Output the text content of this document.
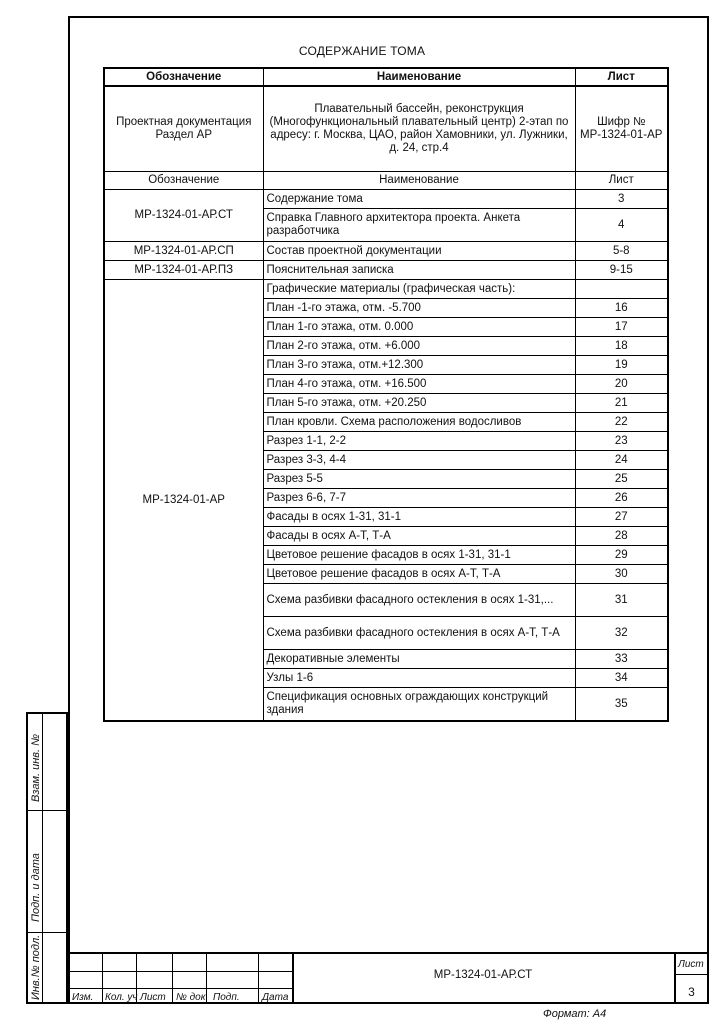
СОДЕРЖАНИЕ ТОМА
Обозначение	Наименование	Лист
Проектная документация Раздел АР	Плавательный бассейн, реконструкция (Многофункциональный плавательный центр) 2-этап по адресу: г. Москва, ЦАО, район Хамовники, ул. Лужники, д. 24, стр.4	Шифр № МР-1324-01-АР
Обозначение	Наименование	Лист
МР-1324-01-АР.СТ	Содержание тома	3
	Справка Главного архитектора проекта. Анкета разработчика	4
МР-1324-01-АР.СП	Состав проектной документации	5-8
МР-1324-01-АР.ПЗ	Пояснительная записка	9-15
МР-1324-01-АР	Графические материалы (графическая часть):	
	План -1-го этажа, отм. -5.700	16
	План 1-го этажа, отм. 0.000	17
	План 2-го этажа, отм. +6.000	18
	План 3-го этажа, отм.+12.300	19
	План 4-го этажа, отм. +16.500	20
	План 5-го этажа, отм. +20.250	21
	План кровли. Схема расположения водосливов	22
	Разрез 1-1, 2-2	23
	Разрез 3-3, 4-4	24
	Разрез 5-5	25
	Разрез 6-6, 7-7	26
	Фасады в осях 1-31, 31-1	27
	Фасады в осях А-Т, Т-А	28
	Цветовое решение фасадов в осях 1-31, 31-1	29
	Цветовое решение фасадов в осях А-Т, Т-А	30
	Схема разбивки фасадного остекления в осях 1-31,...	31
	Схема разбивки фасадного остекления в осях А-Т, Т-А	32
	Декоративные элементы	33
	Узлы 1-6	34
	Спецификация основных ограждающих конструкций здания	35
Взам. инв. №
Подп. и дата
Инв.№ подл.	Изм. Кол. уч Лист № док Подп. Дата
МР-1324-01-АР.СТ
Лист
3
Формат: А4
